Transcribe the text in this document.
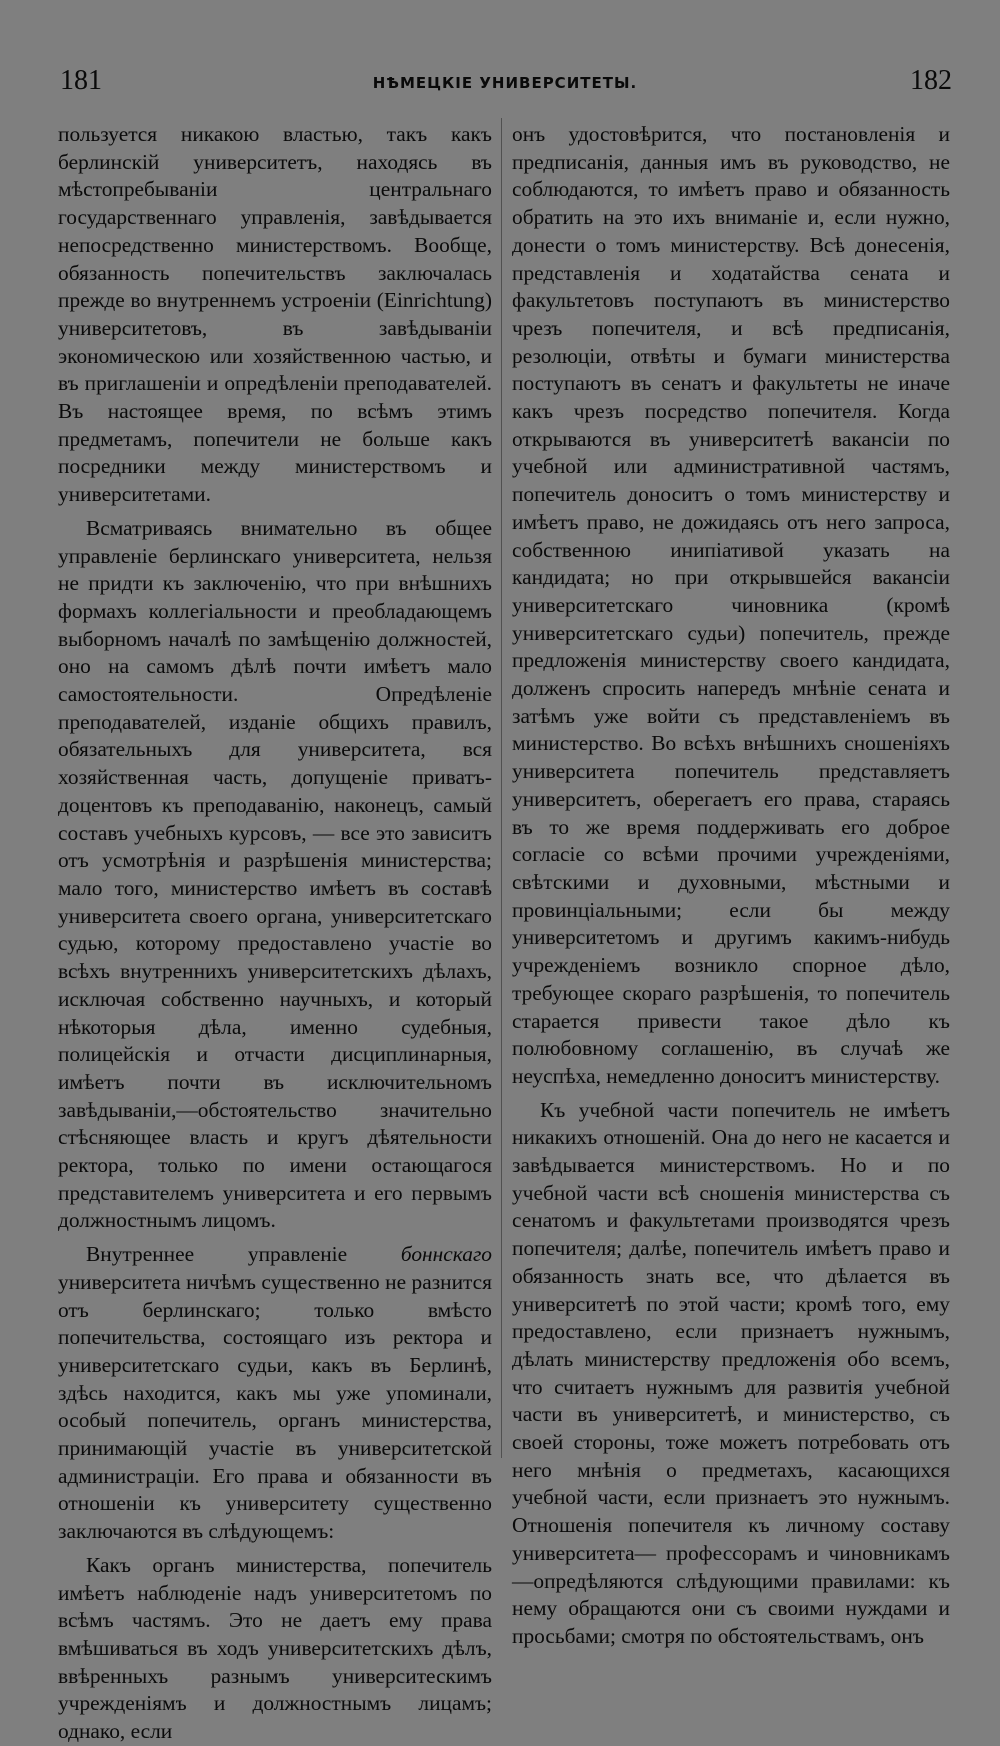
181	НѢМЕЦКІЕ УНИВЕРСИТЕТЫ.	182

пользуется никакою властью, такъ какъ берлинскій университетъ, находясь въ мѣстопребываніи центральнаго государственнаго управленія, завѣдывается непосредственно министерствомъ. Вообще, обязанность попечительствъ заключалась прежде во внутреннемъ устроеніи (Einrichtung) университетовъ, въ завѣдываніи экономическою или хозяйственною частью, и въ приглашеніи и опредѣленіи преподавателей. Въ настоящее время, по всѣмъ этимъ предметамъ, попечители не больше какъ посредники между министерствомъ и университетами.

Всматриваясь внимательно въ общее управленіе берлинскаго университета, нельзя не придти къ заключенію, что при внѣшнихъ формахъ коллегіальности и преобладающемъ выборномъ началѣ по замѣщенію должностей, оно на самомъ дѣлѣ почти имѣетъ мало самостоятельности. Опредѣленіе преподавателей, изданіе общихъ правилъ, обязательныхъ для университета, вся хозяйственная часть, допущеніе приватъ-доцентовъ къ преподаванію, наконецъ, самый составъ учебныхъ курсовъ, — все это зависитъ отъ усмотрѣнія и разрѣшенія министерства; мало того, министерство имѣетъ въ составѣ университета своего органа, университетскаго судью, которому предоставлено участіе во всѣхъ внутреннихъ университетскихъ дѣлахъ, исключая собственно научныхъ, и который нѣкоторыя дѣла, именно судебныя, полицейскія и отчасти дисциплинарныя, имѣетъ почти въ исключительномъ завѣдываніи,—обстоятельство значительно стѣсняющее власть и кругъ дѣятельности ректора, только по имени остающагося представителемъ университета и его первымъ должностнымъ лицомъ.

Внутреннее управленіе боннскаго университета ничѣмъ существенно не разнится отъ берлинскаго; только вмѣсто попечительства, состоящаго изъ ректора и университетскаго судьи, какъ въ Берлинѣ, здѣсь находится, какъ мы уже упоминали, особый попечитель, органъ министерства, принимающій участіе въ университетской администраціи. Его права и обязанности въ отношеніи къ университету существенно заключаются въ слѣдующемъ:

Какъ органъ министерства, попечитель имѣетъ наблюденіе надъ университетомъ по всѣмъ частямъ. Это не даетъ ему права вмѣшиваться въ ходъ университетскихъ дѣлъ, ввѣренныхъ разнымъ университескимъ учрежденіямъ и должностнымъ лицамъ; однако, если

онъ удостовѣрится, что постановленія и предписанія, данныя имъ въ руководство, не соблюдаются, то имѣетъ право и обязанность обратить на это ихъ вниманіе и, если нужно, донести о томъ министерству. Всѣ донесенія, представленія и ходатайства сената и факультетовъ поступаютъ въ министерство чрезъ попечителя, и всѣ предписанія, резолюціи, отвѣты и бумаги министерства поступаютъ въ сенатъ и факультеты не иначе какъ чрезъ посредство попечителя. Когда открываются въ университетѣ вакансіи по учебной или административной частямъ, попечитель доноситъ о томъ министерству и имѣетъ право, не дожидаясь отъ него запроса, собственною инипіативой указать на кандидата; но при открывшейся вакансіи университетскаго чиновника (кромѣ университетскаго судьи) попечитель, прежде предложенія министерству своего кандидата, долженъ спросить напередъ мнѣніе сената и затѣмъ уже войти съ представленіемъ въ министерство. Во всѣхъ внѣшнихъ сношеніяхъ университета попечитель представляетъ университетъ, оберегаетъ его права, стараясь въ то же время поддерживать его доброе согласіе со всѣми прочими учрежденіями, свѣтскими и духовными, мѣстными и провинціальными; если бы между университетомъ и другимъ какимъ-нибудь учрежденіемъ возникло спорное дѣло, требующее скораго разрѣшенія, то попечитель старается привести такое дѣло къ полюбовному соглашенію, въ случаѣ же неуспѣха, немедленно доноситъ министерству.

Къ учебной части попечитель не имѣетъ никакихъ отношеній. Она до него не касается и завѣдывается министерствомъ. Но и по учебной части всѣ сношенія министерства съ сенатомъ и факультетами производятся чрезъ попечителя; далѣе, попечитель имѣетъ право и обязанность знать все, что дѣлается въ университетѣ по этой части; кромѣ того, ему предоставлено, если признаетъ нужнымъ, дѣлать министерству предложенія обо всемъ, что считаетъ нужнымъ для развитія учебной части въ университетѣ, и министерство, съ своей стороны, тоже можетъ потребовать отъ него мнѣнія о предметахъ, касающихся учебной части, если признаетъ это нужнымъ. Отношенія попечителя къ личному составу университета— профессорамъ и чиновникамъ —опредѣляются слѣдующими правилами: къ нему обращаются они съ своими нуждами и просьбами; смотря по обстоятельствамъ, онъ
